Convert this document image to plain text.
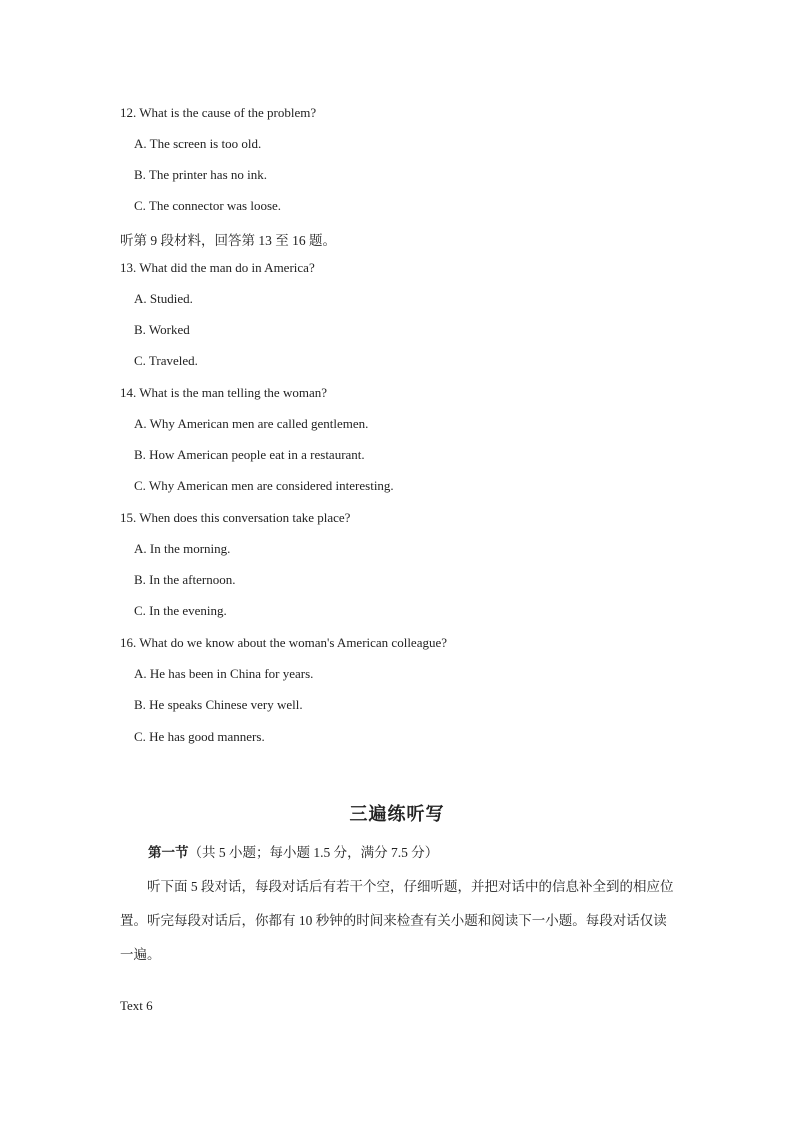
12. What is the cause of the problem?
A. The screen is too old.
B. The printer has no ink.
C. The connector was loose.
听第 9 段材料，回答第 13 至 16 题。
13. What did the man do in America?
A. Studied.
B. Worked
C. Traveled.
14. What is the man telling the woman?
A. Why American men are called gentlemen.
B. How American people eat in a restaurant.
C. Why American men are considered interesting.
15. When does this conversation take place?
A. In the morning.
B. In the afternoon.
C. In the evening.
16. What do we know about the woman's American colleague?
A. He has been in China for years.
B. He speaks Chinese very well.
C. He has good manners.
三遍练听写
第一节（共 5 小题；每小题 1.5 分，满分 7.5 分）
听下面 5 段对话，每段对话后有若干个空，仔细听题，并把对话中的信息补全到的相应位置。听完每段对话后，你都有 10 秒钟的时间来检查有关小题和阅读下一小题。每段对话仅读一遍。
Text 6
